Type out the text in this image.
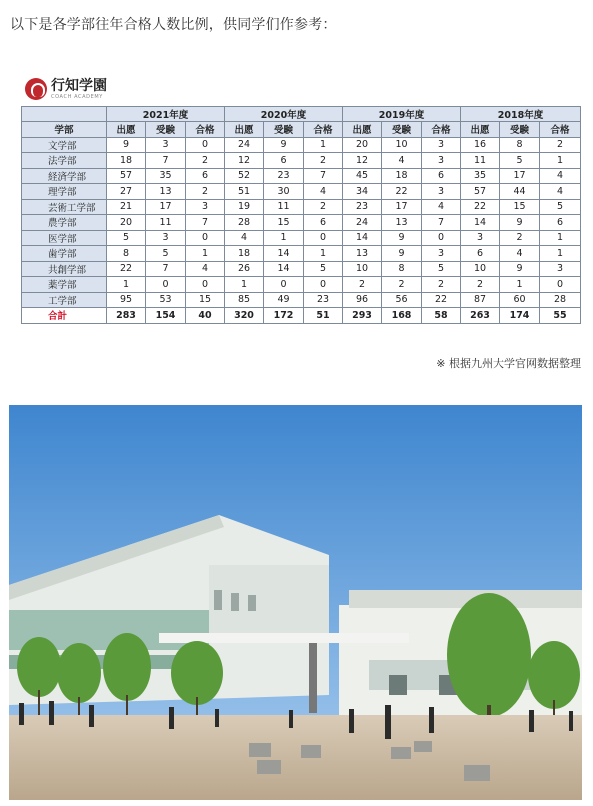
以下是各学部往年合格人数比例，供同学们作参考：
行知学園
COACH ACADEMY
	2021年度			2020年度			2019年度			2018年度		
学部	出愿	受験	合格	出愿	受験	合格	出愿	受験	合格	出愿	受験	合格
文学部	9	3	0	24	9	1	20	10	3	16	8	2
法学部	18	7	2	12	6	2	12	4	3	11	5	1
経済学部	57	35	6	52	23	7	45	18	6	35	17	4
理学部	27	13	2	51	30	4	34	22	3	57	44	4
芸術工学部	21	17	3	19	11	2	23	17	4	22	15	5
農学部	20	11	7	28	15	6	24	13	7	14	9	6
医学部	5	3	0	4	1	0	14	9	0	3	2	1
歯学部	8	5	1	18	14	1	13	9	3	6	4	1
共創学部	22	7	4	26	14	5	10	8	5	10	9	3
薬学部	1	0	0	1	0	0	2	2	2	2	1	0
工学部	95	53	15	85	49	23	96	56	22	87	60	28
合計	283	154	40	320	172	51	293	168	58	263	174	55
※ 根据九州大学官网数据整理
